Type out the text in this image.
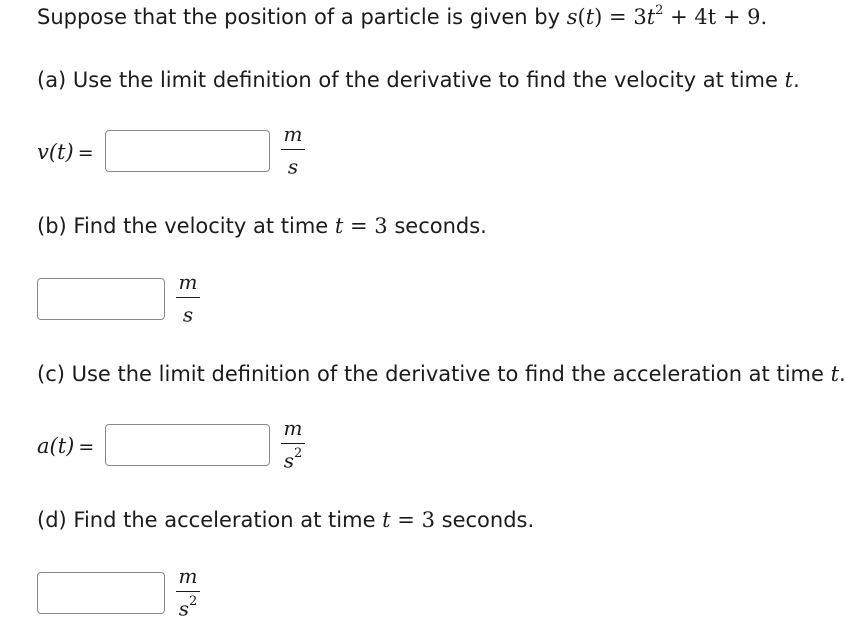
Suppose that the position of a particle is given by $s(t) = 3t^2 + 4t + 9$.
(a) Use the limit definition of the derivative to find the velocity at time t.
v(t) =
m
s
(b) Find the velocity at time t = 3 seconds.
m
s
(c) Use the limit definition of the derivative to find the acceleration at time t.
a(t) =
m
$s^2$
(d) Find the acceleration at time t = 3 seconds.
m
$s^2$
